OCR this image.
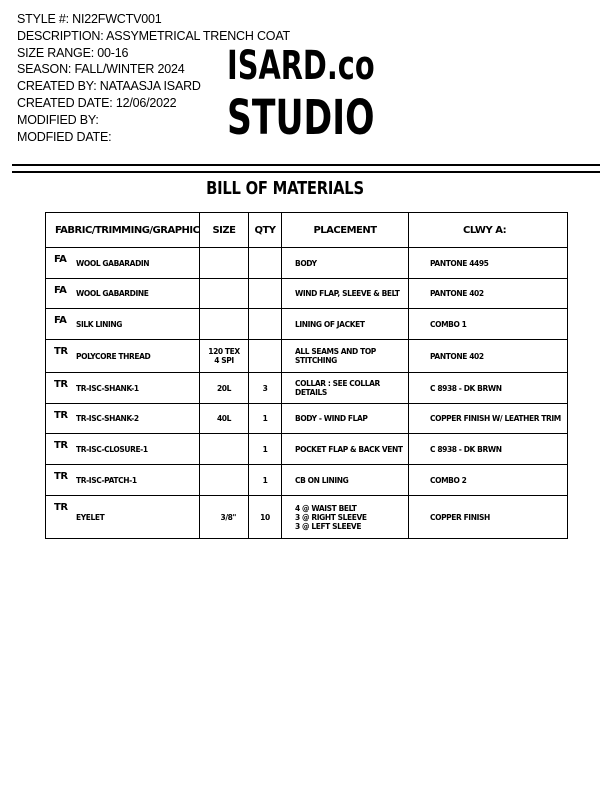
STYLE #: NI22FWCTV001
DESCRIPTION: ASSYMETRICAL TRENCH COAT
SIZE RANGE: 00-16
SEASON: FALL/WINTER 2024
CREATED BY: NATAASJA ISARD
CREATED DATE: 12/06/2022
MODIFIED BY:
MODFIED DATE:
ISARD.co
STUDIO
BILL OF MATERIALS
FABRIC/TRIMMING/GRAPHIC	SIZE	QTY	PLACEMENT	CLWY A:

FA WOOL GABARADIN			BODY	PANTONE 4495

FA WOOL GABARDINE			WIND FLAP, SLEEVE & BELT	PANTONE 402

FA SILK LINING			LINING OF JACKET	COMBO 1

TR POLYCORE THREAD	120 TEX
4 SPI		ALL SEAMS AND TOP STITCHING	PANTONE 402

TR TR-ISC-SHANK-1	20L	3	COLLAR : SEE COLLAR DETAILS	C 8938 - DK BRWN

TR TR-ISC-SHANK-2	40L	1	BODY - WIND FLAP	COPPER FINISH W/ LEATHER TRIM

TR TR-ISC-CLOSURE-1		1	POCKET FLAP & BACK VENT	C 8938 - DK BRWN

TR TR-ISC-PATCH-1		1	CB ON LINING	COMBO 2

TR
EYELET	3/8"	10	4 @ WAIST BELT
3 @ RIGHT SLEEVE
3 @ LEFT SLEEVE	COPPER FINISH
